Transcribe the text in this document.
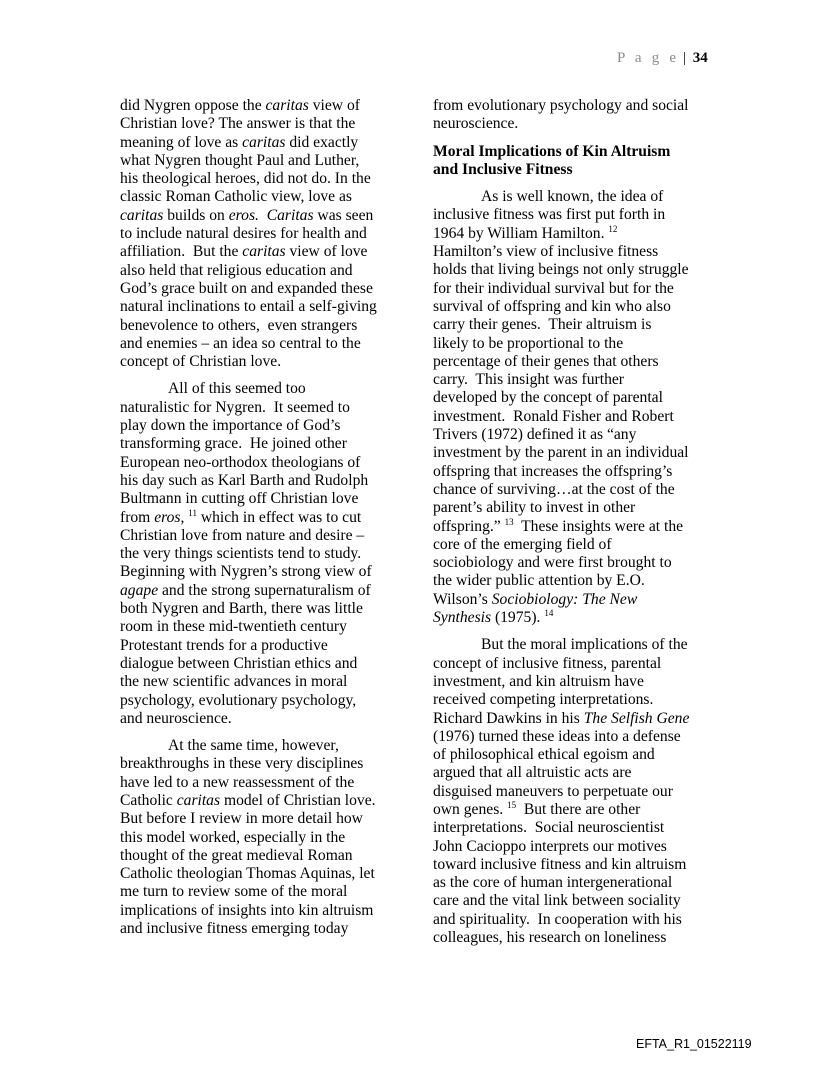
P a g e | 34
did Nygren oppose the caritas view of
Christian love? The answer is that the
meaning of love as caritas did exactly
what Nygren thought Paul and Luther,
his theological heroes, did not do. In the
classic Roman Catholic view, love as
caritas builds on eros. Caritas was seen
to include natural desires for health and
affiliation.  But the caritas view of love
also held that religious education and
God’s grace built on and expanded these
natural inclinations to entail a self-giving
benevolence to others,  even strangers
and enemies – an idea so central to the
concept of Christian love.
All of this seemed too
naturalistic for Nygren.  It seemed to
play down the importance of God’s
transforming grace.  He joined other
European neo-orthodox theologians of
his day such as Karl Barth and Rudolph
Bultmann in cutting off Christian love
from eros, $^{11}$ which in effect was to cut
Christian love from nature and desire –
the very things scientists tend to study.
Beginning with Nygren’s strong view of
agape and the strong supernaturalism of
both Nygren and Barth, there was little
room in these mid-twentieth century
Protestant trends for a productive
dialogue between Christian ethics and
the new scientific advances in moral
psychology, evolutionary psychology,
and neuroscience.
At the same time, however,
breakthroughs in these very disciplines
have led to a new reassessment of the
Catholic caritas model of Christian love.
But before I review in more detail how
this model worked, especially in the
thought of the great medieval Roman
Catholic theologian Thomas Aquinas, let
me turn to review some of the moral
implications of insights into kin altruism
and inclusive fitness emerging today
from evolutionary psychology and social
neuroscience.
Moral Implications of Kin Altruism
and Inclusive Fitness
As is well known, the idea of
inclusive fitness was first put forth in
1964 by William Hamilton. $^{12}$
Hamilton’s view of inclusive fitness
holds that living beings not only struggle
for their individual survival but for the
survival of offspring and kin who also
carry their genes.  Their altruism is
likely to be proportional to the
percentage of their genes that others
carry.  This insight was further
developed by the concept of parental
investment.  Ronald Fisher and Robert
Trivers (1972) defined it as “any
investment by the parent in an individual
offspring that increases the offspring’s
chance of surviving…at the cost of the
parent’s ability to invest in other
offspring.” $^{13}$  These insights were at the
core of the emerging field of
sociobiology and were first brought to
the wider public attention by E.O.
Wilson’s Sociobiology: The New
Synthesis (1975). $^{14}$
But the moral implications of the
concept of inclusive fitness, parental
investment, and kin altruism have
received competing interpretations.
Richard Dawkins in his The Selfish Gene
(1976) turned these ideas into a defense
of philosophical ethical egoism and
argued that all altruistic acts are
disguised maneuvers to perpetuate our
own genes. $^{15}$  But there are other
interpretations.  Social neuroscientist
John Cacioppo interprets our motives
toward inclusive fitness and kin altruism
as the core of human intergenerational
care and the vital link between sociality
and spirituality.  In cooperation with his
colleagues, his research on loneliness
EFTA_R1_01522119
